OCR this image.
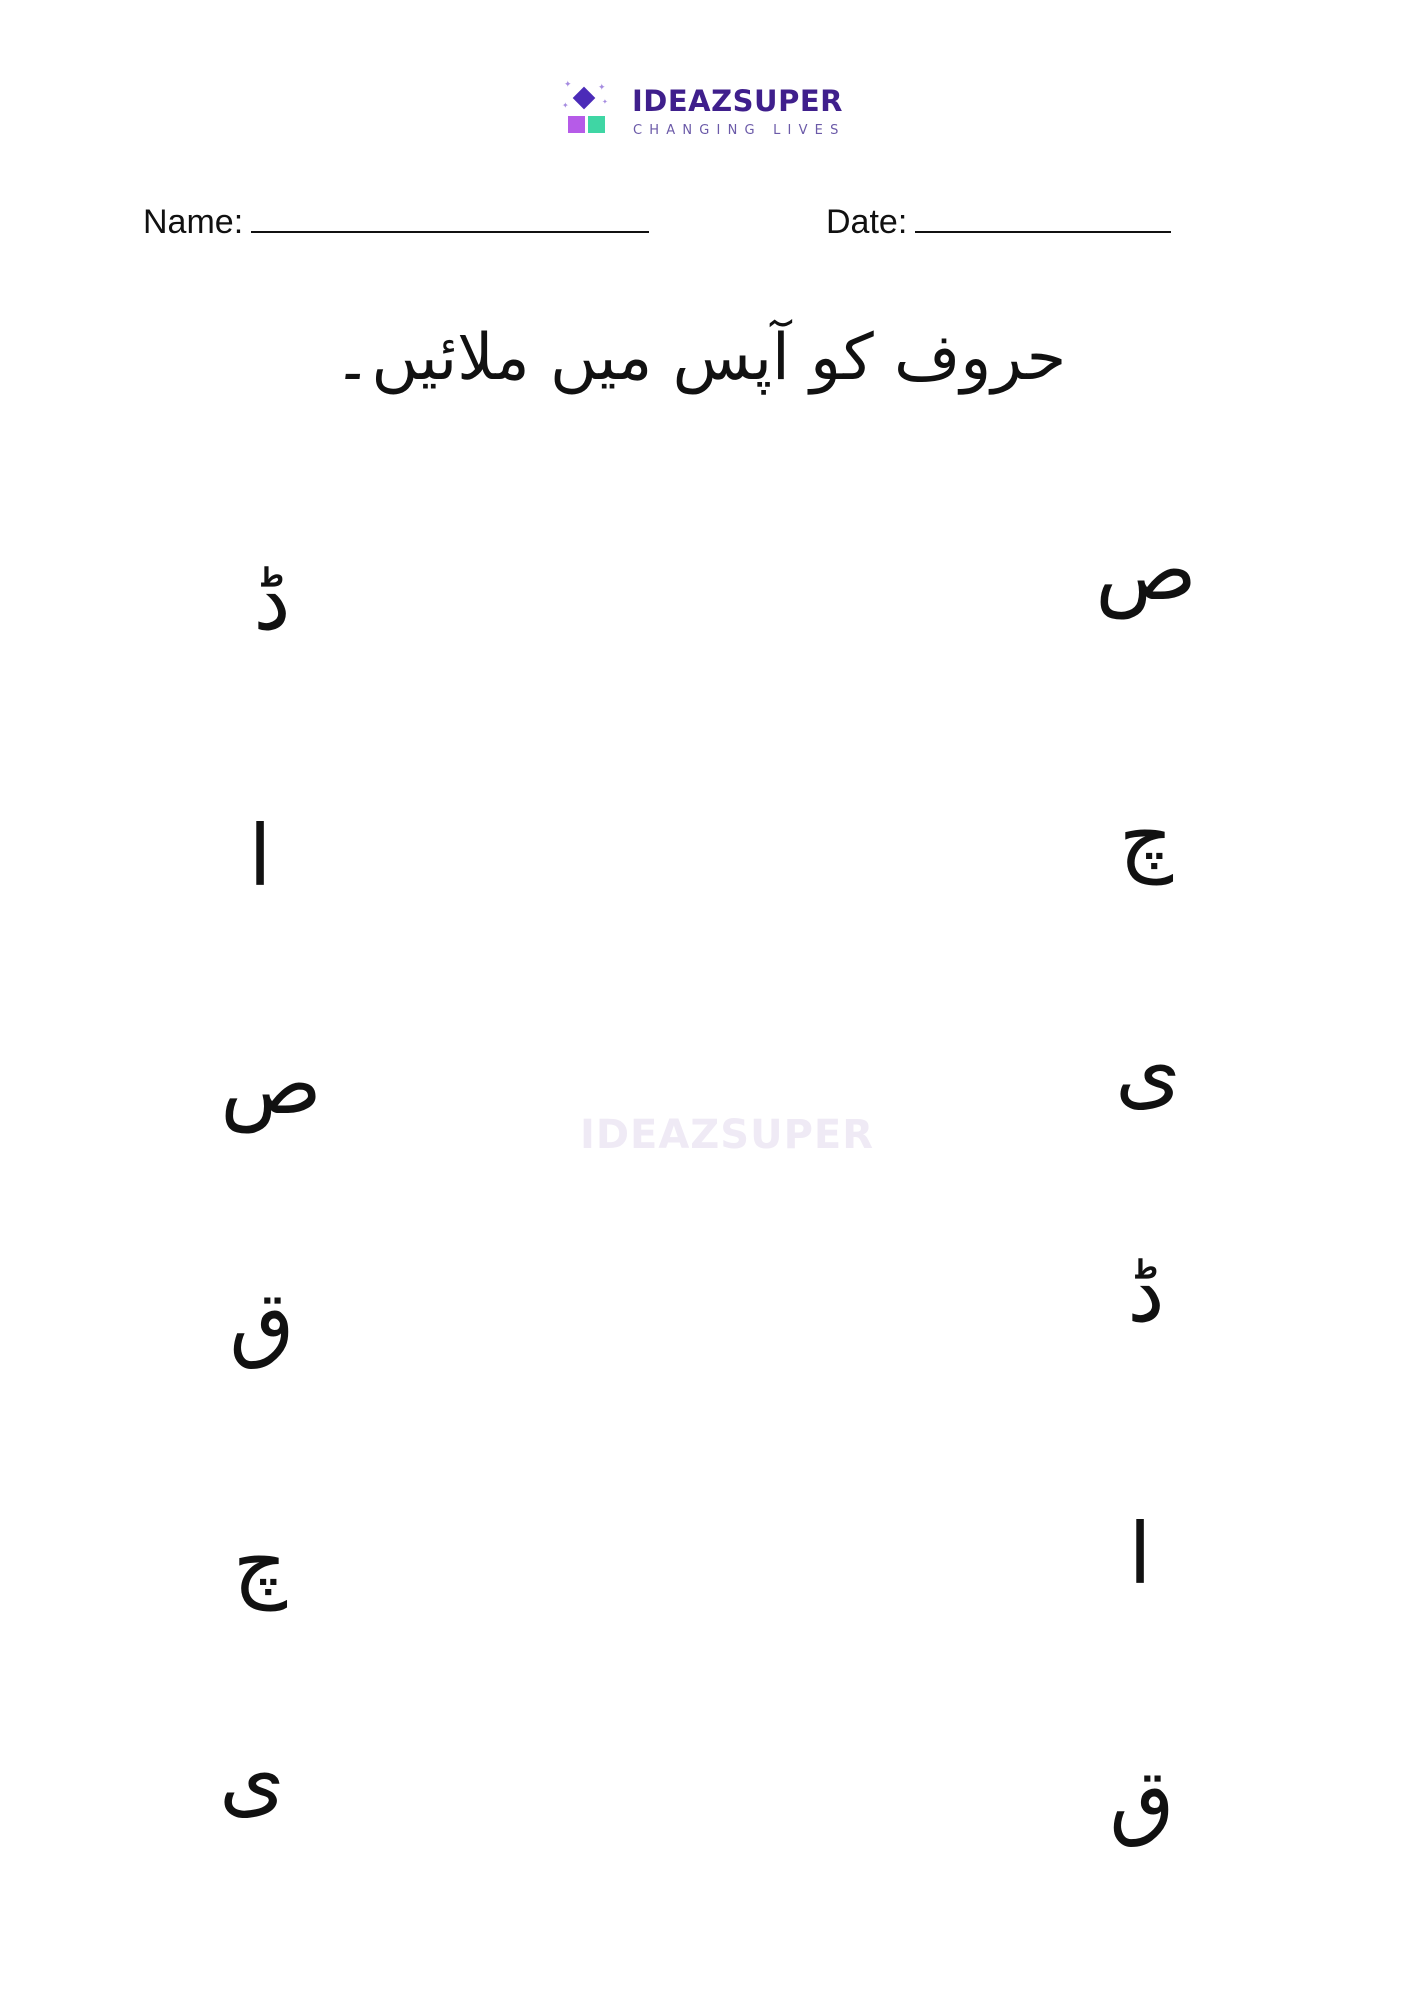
✦	✦
✦	✦ IDEAZSUPER
CHANGING LIVES
Name:	Date:
حروف کو آپس میں ملائیں۔
ڈ
ا
ص
ق
چ
ی
ص
چ
ی
ڈ
ا
ق
IDEAZSUPER
